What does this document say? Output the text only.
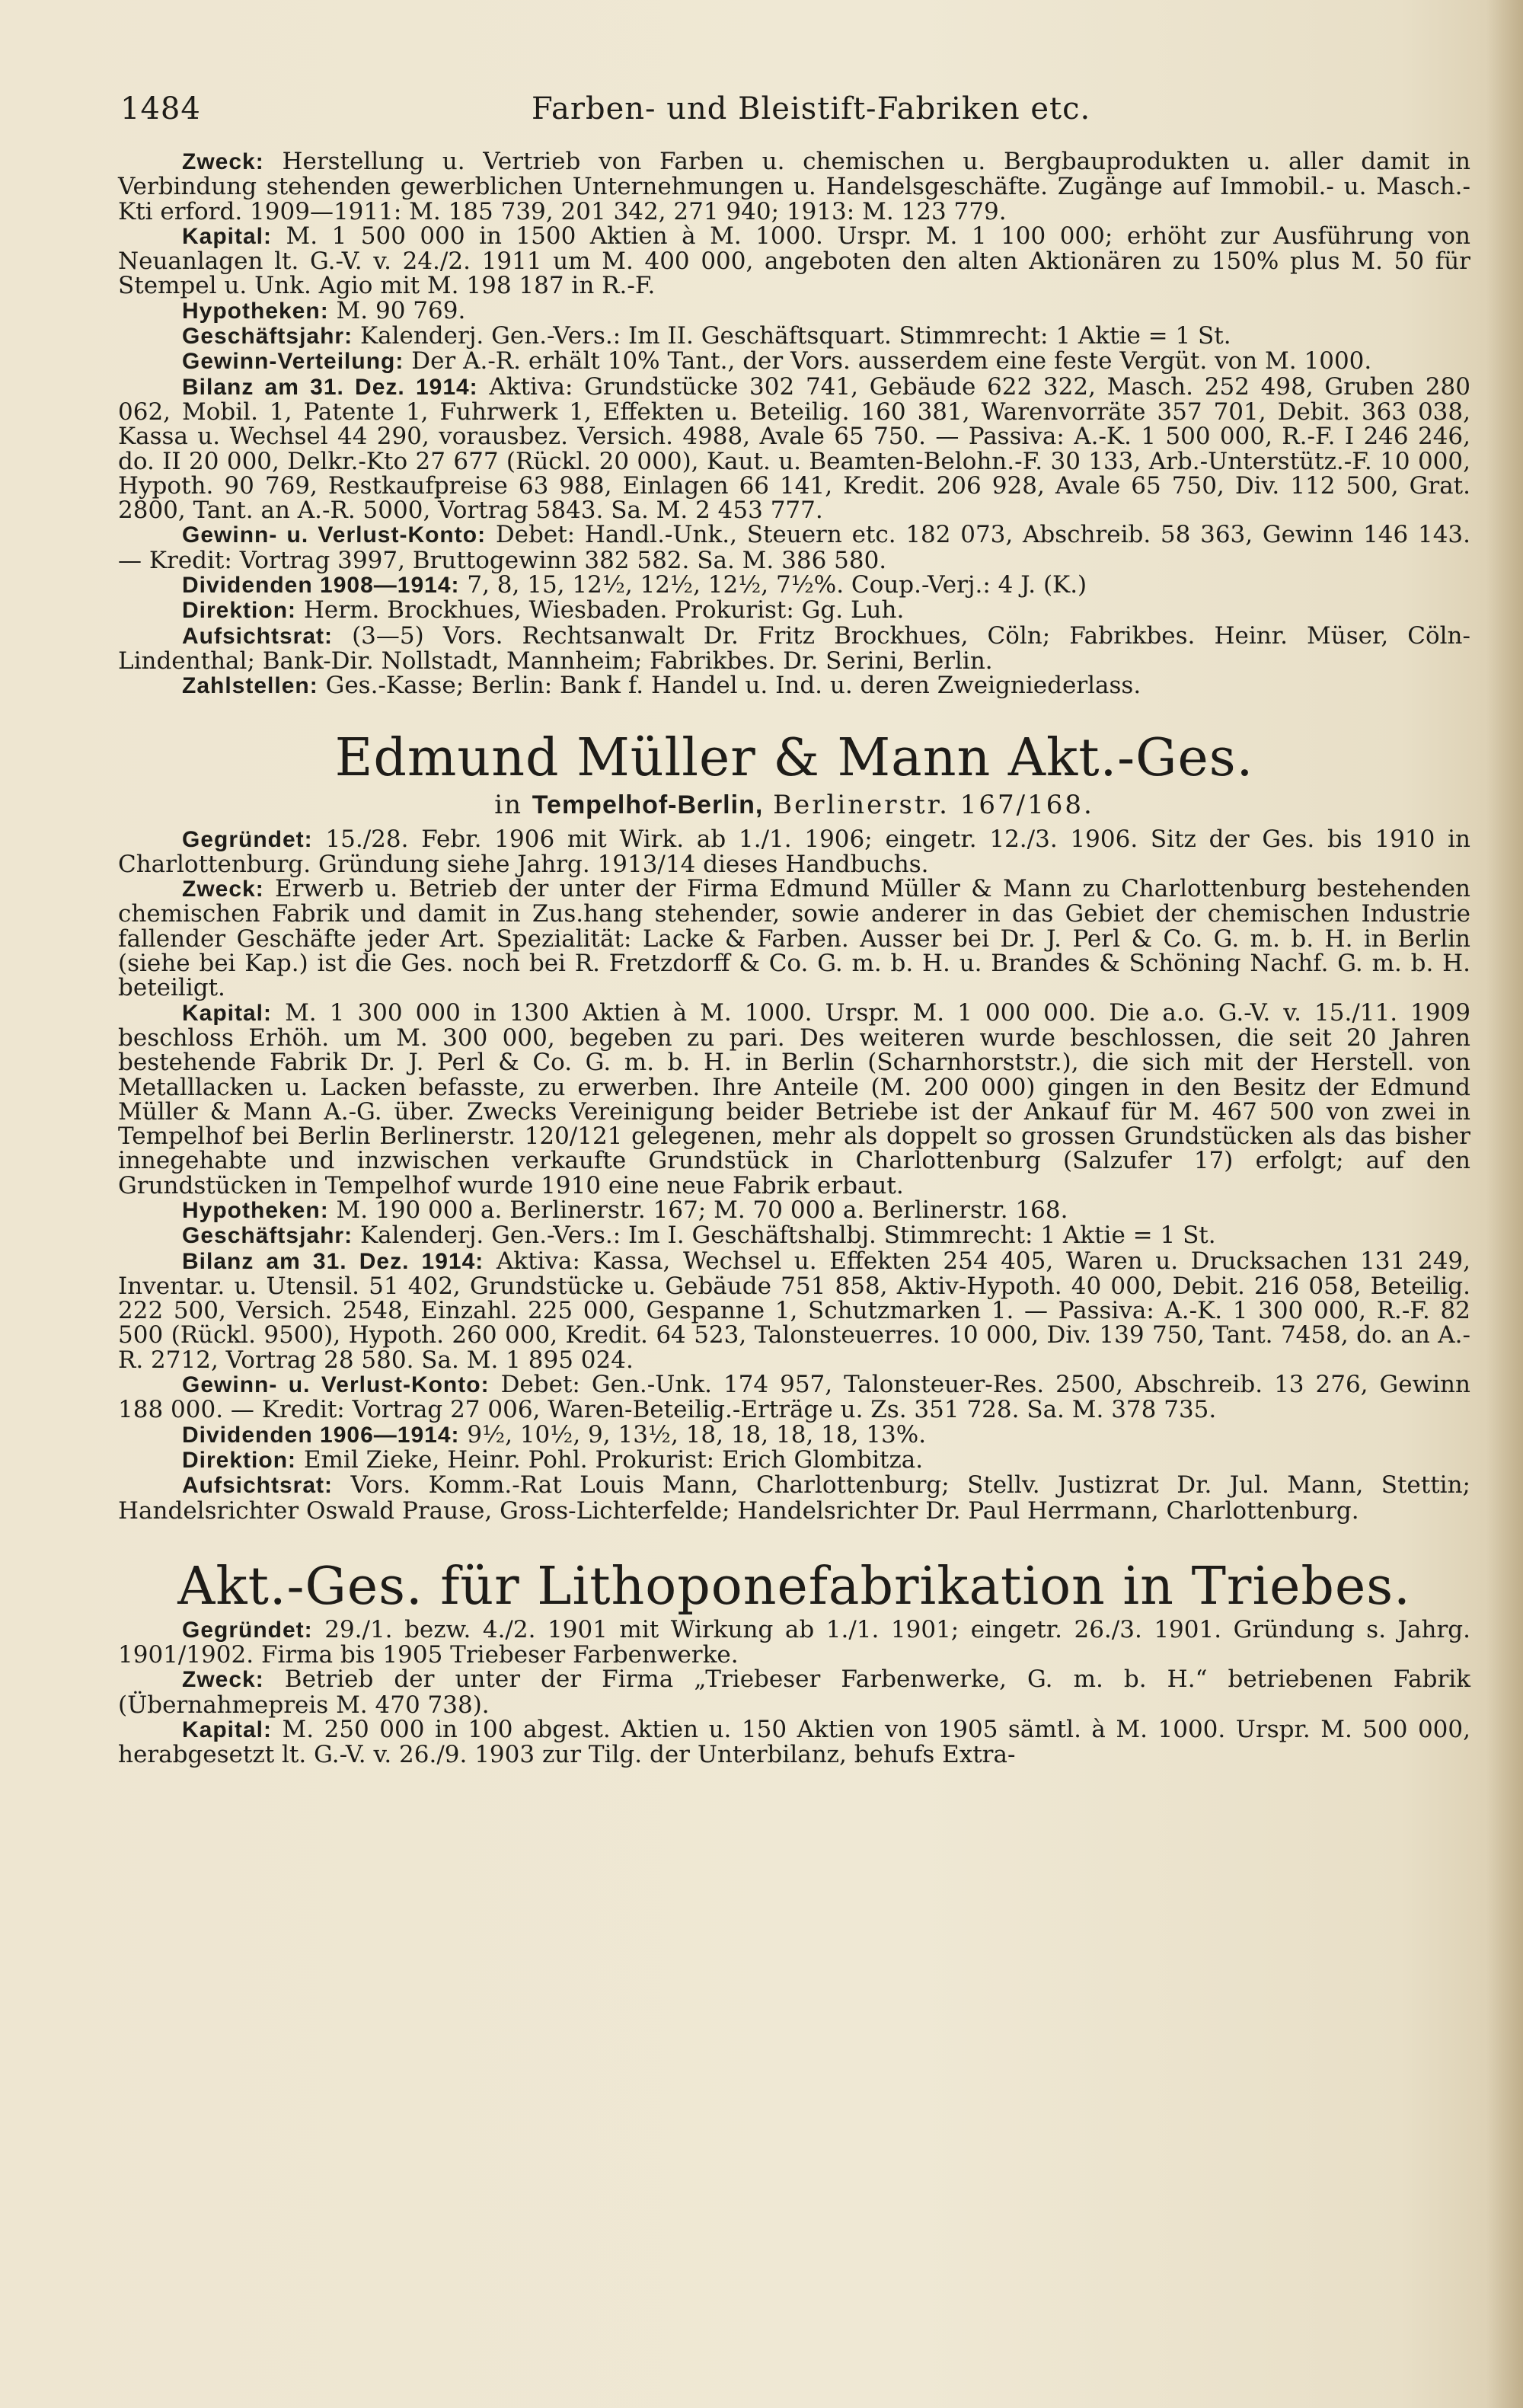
1484	Farben- und Bleistift-Fabriken etc.

Zweck: Herstellung u. Vertrieb von Farben u. chemischen u. Bergbauprodukten u. aller damit in Verbindung stehenden gewerblichen Unternehmungen u. Handelsgeschäfte. Zugänge auf Immobil.- u. Masch.-Kti erford. 1909—1911: M. 185 739, 201 342, 271 940; 1913: M. 123 779.

Kapital: M. 1 500 000 in 1500 Aktien à M. 1000. Urspr. M. 1 100 000; erhöht zur Ausführung von Neuanlagen lt. G.-V. v. 24./2. 1911 um M. 400 000, angeboten den alten Aktionären zu 150% plus M. 50 für Stempel u. Unk. Agio mit M. 198 187 in R.-F.

Hypotheken: M. 90 769.

Geschäftsjahr: Kalenderj. Gen.-Vers.: Im II. Geschäftsquart. Stimmrecht: 1 Aktie = 1 St.

Gewinn-Verteilung: Der A.-R. erhält 10% Tant., der Vors. ausserdem eine feste Vergüt. von M. 1000.

Bilanz am 31. Dez. 1914: Aktiva: Grundstücke 302 741, Gebäude 622 322, Masch. 252 498, Gruben 280 062, Mobil. 1, Patente 1, Fuhrwerk 1, Effekten u. Beteilig. 160 381, Warenvorräte 357 701, Debit. 363 038, Kassa u. Wechsel 44 290, vorausbez. Versich. 4988, Avale 65 750. — Passiva: A.-K. 1 500 000, R.-F. I 246 246, do. II 20 000, Delkr.-Kto 27 677 (Rückl. 20 000), Kaut. u. Beamten-Belohn.-F. 30 133, Arb.-Unterstütz.-F. 10 000, Hypoth. 90 769, Restkaufpreise 63 988, Einlagen 66 141, Kredit. 206 928, Avale 65 750, Div. 112 500, Grat. 2800, Tant. an A.-R. 5000, Vortrag 5843. Sa. M. 2 453 777.

Gewinn- u. Verlust-Konto: Debet: Handl.-Unk., Steuern etc. 182 073, Abschreib. 58 363, Gewinn 146 143. — Kredit: Vortrag 3997, Bruttogewinn 382 582. Sa. M. 386 580.

Dividenden 1908—1914: 7, 8, 15, 12½, 12½, 12½, 7½%. Coup.-Verj.: 4 J. (K.)

Direktion: Herm. Brockhues, Wiesbaden. Prokurist: Gg. Luh.

Aufsichtsrat: (3—5) Vors. Rechtsanwalt Dr. Fritz Brockhues, Cöln; Fabrikbes. Heinr. Müser, Cöln-Lindenthal; Bank-Dir. Nollstadt, Mannheim; Fabrikbes. Dr. Serini, Berlin.

Zahlstellen: Ges.-Kasse; Berlin: Bank f. Handel u. Ind. u. deren Zweigniederlass.

Edmund Müller & Mann Akt.-Ges.

in Tempelhof-Berlin, Berlinerstr. 167/168.

Gegründet: 15./28. Febr. 1906 mit Wirk. ab 1./1. 1906; eingetr. 12./3. 1906. Sitz der Ges. bis 1910 in Charlottenburg. Gründung siehe Jahrg. 1913/14 dieses Handbuchs.

Zweck: Erwerb u. Betrieb der unter der Firma Edmund Müller & Mann zu Charlottenburg bestehenden chemischen Fabrik und damit in Zus.hang stehender, sowie anderer in das Gebiet der chemischen Industrie fallender Geschäfte jeder Art. Spezialität: Lacke & Farben. Ausser bei Dr. J. Perl & Co. G. m. b. H. in Berlin (siehe bei Kap.) ist die Ges. noch bei R. Fretzdorff & Co. G. m. b. H. u. Brandes & Schöning Nachf. G. m. b. H. beteiligt.

Kapital: M. 1 300 000 in 1300 Aktien à M. 1000. Urspr. M. 1 000 000. Die a.o. G.-V. v. 15./11. 1909 beschloss Erhöh. um M. 300 000, begeben zu pari. Des weiteren wurde beschlossen, die seit 20 Jahren bestehende Fabrik Dr. J. Perl & Co. G. m. b. H. in Berlin (Scharnhorststr.), die sich mit der Herstell. von Metalllacken u. Lacken befasste, zu erwerben. Ihre Anteile (M. 200 000) gingen in den Besitz der Edmund Müller & Mann A.-G. über. Zwecks Vereinigung beider Betriebe ist der Ankauf für M. 467 500 von zwei in Tempelhof bei Berlin Berlinerstr. 120/121 gelegenen, mehr als doppelt so grossen Grundstücken als das bisher innegehabte und inzwischen verkaufte Grundstück in Charlottenburg (Salzufer 17) erfolgt; auf den Grundstücken in Tempelhof wurde 1910 eine neue Fabrik erbaut.

Hypotheken: M. 190 000 a. Berlinerstr. 167; M. 70 000 a. Berlinerstr. 168.

Geschäftsjahr: Kalenderj. Gen.-Vers.: Im I. Geschäftshalbj. Stimmrecht: 1 Aktie = 1 St.

Bilanz am 31. Dez. 1914: Aktiva: Kassa, Wechsel u. Effekten 254 405, Waren u. Drucksachen 131 249, Inventar. u. Utensil. 51 402, Grundstücke u. Gebäude 751 858, Aktiv-Hypoth. 40 000, Debit. 216 058, Beteilig. 222 500, Versich. 2548, Einzahl. 225 000, Gespanne 1, Schutzmarken 1. — Passiva: A.-K. 1 300 000, R.-F. 82 500 (Rückl. 9500), Hypoth. 260 000, Kredit. 64 523, Talonsteuerres. 10 000, Div. 139 750, Tant. 7458, do. an A.-R. 2712, Vortrag 28 580. Sa. M. 1 895 024.

Gewinn- u. Verlust-Konto: Debet: Gen.-Unk. 174 957, Talonsteuer-Res. 2500, Abschreib. 13 276, Gewinn 188 000. — Kredit: Vortrag 27 006, Waren-Beteilig.-Erträge u. Zs. 351 728. Sa. M. 378 735.

Dividenden 1906—1914: 9½, 10½, 9, 13½, 18, 18, 18, 18, 13%.

Direktion: Emil Zieke, Heinr. Pohl. Prokurist: Erich Glombitza.

Aufsichtsrat: Vors. Komm.-Rat Louis Mann, Charlottenburg; Stellv. Justizrat Dr. Jul. Mann, Stettin; Handelsrichter Oswald Prause, Gross-Lichterfelde; Handelsrichter Dr. Paul Herrmann, Charlottenburg.

Akt.-Ges. für Lithoponefabrikation in Triebes.

Gegründet: 29./1. bezw. 4./2. 1901 mit Wirkung ab 1./1. 1901; eingetr. 26./3. 1901. Gründung s. Jahrg. 1901/1902. Firma bis 1905 Triebeser Farbenwerke.

Zweck: Betrieb der unter der Firma „Triebeser Farbenwerke, G. m. b. H.“ betriebenen Fabrik (Übernahmepreis M. 470 738).

Kapital: M. 250 000 in 100 abgest. Aktien u. 150 Aktien von 1905 sämtl. à M. 1000. Urspr. M. 500 000, herabgesetzt lt. G.-V. v. 26./9. 1903 zur Tilg. der Unterbilanz, behufs Extra-
